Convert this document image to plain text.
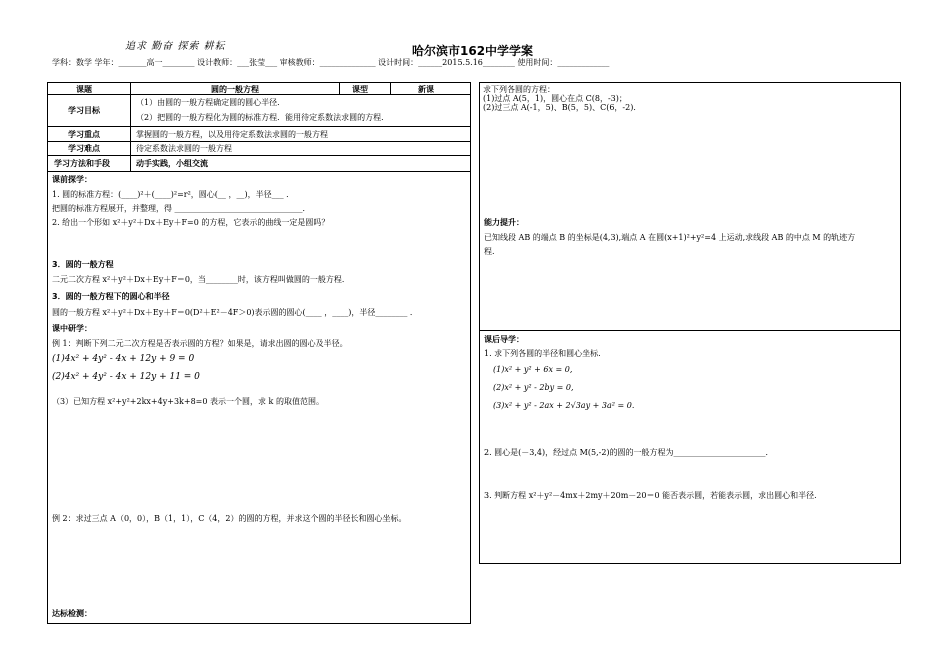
追求 勤奋 探索 耕耘	哈尔滨市162中学学案
学科：数学 学年：_______高一________ 设计教师：___张莹___ 审核教师：______________ 设计时间：______2015.5.16________ 使用时间：_____________
课题	圆的一般方程	课型	新课
学习目标
（1）由圆的一般方程确定圆的圆心半径．
（2）把圆的一般方程化为圆的标准方程．能用待定系数法求圆的方程．
学习重点	掌握圆的一般方程，以及用待定系数法求圆的一般方程
学习难点	待定系数法求圆的一般方程
学习方法和手段	动手实践，小组交流
课前探学：
1. 圆的标准方程：(____)²＋(____)²=r²，圆心(__ ，__)，半径___ ．
把圆的标准方程展开，并整理，得 ________________________________．
2. 给出一个形如 x²＋y²＋Dx＋Ey＋F=0 的方程，它表示的曲线一定是圆吗？
3．圆的一般方程
二元二次方程 x²＋y²＋Dx＋Ey＋F＝0，当________时，该方程叫做圆的一般方程．
3．圆的一般方程下的圆心和半径
圆的一般方程 x²＋y²＋Dx＋Ey＋F＝0(D²＋E²－4F＞0)表示圆的圆心(____ ，____)，半径________ ．
课中研学：
例 1：判断下列二元二次方程是否表示圆的方程？如果是，请求出圆的圆心及半径。
(1)4x² + 4y² - 4x + 12y + 9 = 0
(2)4x² + 4y² - 4x + 12y + 11 = 0
（3）已知方程 x²+y²+2kx+4y+3k+8=0 表示一个圆，求 k 的取值范围。
例 2：求过三点 A（0，0），B（1，1），C（4，2）的圆的方程，并求这个圆的半径长和圆心坐标。
达标检测：
求下列各圆的方程：
(1)过点 A(5，1)，圆心在点 C(8，-3)；
(2)过三点 A(-1，5)、B(5，5)、C(6，-2)．
能力提升：
已知线段 AB 的端点 B 的坐标是(4,3),端点 A 在圆(x+1)²+y²=4 上运动,求线段 AB 的中点 M 的轨迹方
程.
课后导学：
1. 求下列各圆的半径和圆心坐标.
(1)x² + y² + 6x = 0,
(2)x² + y² - 2by = 0,
(3)x² + y² - 2ax + 2√3ay + 3a² = 0.
2. 圆心是(－3,4)，经过点 M(5,-2)的圆的一般方程为_______________________．
3. 判断方程 x²＋y²－4mx＋2my＋20m－20＝0 能否表示圆，若能表示圆，求出圆心和半径.
